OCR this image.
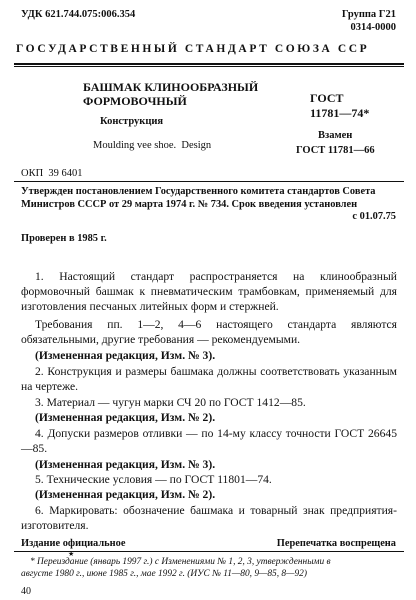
УДК 621.744.075:006.354	Группа Г21
0314-0000
ГОСУДАРСТВЕННЫЙ СТАНДАРТ СОЮЗА ССР
БАШМАК КЛИНООБРАЗНЫЙ
ФОРМОВОЧНЫЙ
Конструкция
Moulding vee shoe.  Design
ГОСТ
11781—74*
Взамен
ГОСТ 11781—66
ОКП  39 6401
Утвержден постановлением Государственного комитета стандартов Совета
Министров СССР от 29 марта 1974 г. № 734. Срок введения установлен
с 01.07.75
Проверен в 1985 г.
1. Настоящий стандарт распространяется на клинообразный формовочный башмак к пневматическим трамбовкам, применяемый для изготовления песчаных литейных форм и стержней.
Требования пп. 1—2, 4—6 настоящего стандарта являются обязательными, другие требования — рекомендуемыми.
(Измененная редакция, Изм. № 3).
2. Конструкция и размеры башмака должны соответствовать указанным на чертеже.
3. Материал — чугун марки СЧ 20 по ГОСТ 1412—85.
(Измененная редакция, Изм. № 2).
4. Допуски размеров отливки — по 14-му классу точности ГОСТ 26645—85.
(Измененная редакция, Изм. № 3).
5. Технические условия — по ГОСТ 11801—74.
(Измененная редакция, Изм. № 2).
6. Маркировать: обозначение башмака и товарный знак предприятия-изготовителя.
Издание официальное	Перепечатка воспрещена
★
* Переиздание (январь 1997 г.) с Изменениями № 1, 2, 3, утвержденными в
августе 1980 г., июне 1985 г., мае 1992 г. (ИУС № 11—80, 9—85, 8—92)
40
